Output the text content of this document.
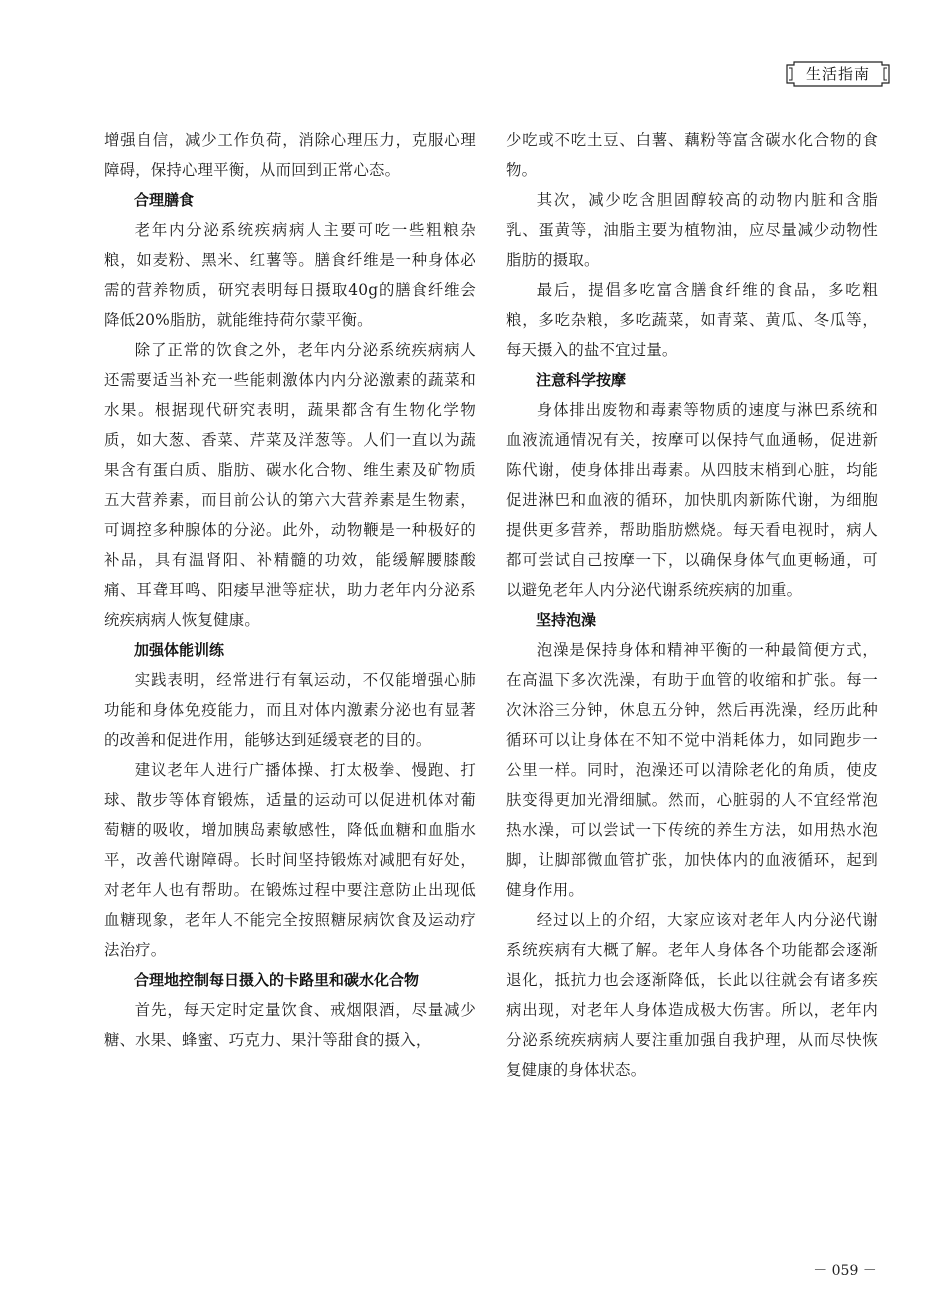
生活指南

增强自信，减少工作负荷，消除心理压力，克服心理障碍，保持心理平衡，从而回到正常心态。

合理膳食

老年内分泌系统疾病病人主要可吃一些粗粮杂粮，如麦粉、黑米、红薯等。膳食纤维是一种身体必需的营养物质，研究表明每日摄取40g的膳食纤维会降低20%脂肪，就能维持荷尔蒙平衡。

除了正常的饮食之外，老年内分泌系统疾病病人还需要适当补充一些能刺激体内内分泌激素的蔬菜和水果。根据现代研究表明，蔬果都含有生物化学物质，如大葱、香菜、芹菜及洋葱等。人们一直以为蔬果含有蛋白质、脂肪、碳水化合物、维生素及矿物质五大营养素，而目前公认的第六大营养素是生物素，可调控多种腺体的分泌。此外，动物鞭是一种极好的补品，具有温肾阳、补精髓的功效，能缓解腰膝酸痛、耳聋耳鸣、阳痿早泄等症状，助力老年内分泌系统疾病病人恢复健康。

加强体能训练

实践表明，经常进行有氧运动，不仅能增强心肺功能和身体免疫能力，而且对体内激素分泌也有显著的改善和促进作用，能够达到延缓衰老的目的。

建议老年人进行广播体操、打太极拳、慢跑、打球、散步等体育锻炼，适量的运动可以促进机体对葡萄糖的吸收，增加胰岛素敏感性，降低血糖和血脂水平，改善代谢障碍。长时间坚持锻炼对减肥有好处，对老年人也有帮助。在锻炼过程中要注意防止出现低血糖现象，老年人不能完全按照糖尿病饮食及运动疗法治疗。

合理地控制每日摄入的卡路里和碳水化合物

首先，每天定时定量饮食、戒烟限酒，尽量减少糖、水果、蜂蜜、巧克力、果汁等甜食的摄入，

少吃或不吃土豆、白薯、藕粉等富含碳水化合物的食物。

其次，减少吃含胆固醇较高的动物内脏和含脂乳、蛋黄等，油脂主要为植物油，应尽量减少动物性脂肪的摄取。

最后，提倡多吃富含膳食纤维的食品，多吃粗粮，多吃杂粮，多吃蔬菜，如青菜、黄瓜、冬瓜等，每天摄入的盐不宜过量。

注意科学按摩

身体排出废物和毒素等物质的速度与淋巴系统和血液流通情况有关，按摩可以保持气血通畅，促进新陈代谢，使身体排出毒素。从四肢末梢到心脏，均能促进淋巴和血液的循环，加快肌肉新陈代谢，为细胞提供更多营养，帮助脂肪燃烧。每天看电视时，病人都可尝试自己按摩一下，以确保身体气血更畅通，可以避免老年人内分泌代谢系统疾病的加重。

坚持泡澡

泡澡是保持身体和精神平衡的一种最简便方式，在高温下多次洗澡，有助于血管的收缩和扩张。每一次沐浴三分钟，休息五分钟，然后再洗澡，经历此种循环可以让身体在不知不觉中消耗体力，如同跑步一公里一样。同时，泡澡还可以清除老化的角质，使皮肤变得更加光滑细腻。然而，心脏弱的人不宜经常泡热水澡，可以尝试一下传统的养生方法，如用热水泡脚，让脚部微血管扩张，加快体内的血液循环，起到健身作用。

经过以上的介绍，大家应该对老年人内分泌代谢系统疾病有大概了解。老年人身体各个功能都会逐渐退化，抵抗力也会逐渐降低，长此以往就会有诸多疾病出现，对老年人身体造成极大伤害。所以，老年内分泌系统疾病病人要注重加强自我护理，从而尽快恢复健康的身体状态。

－ 059 －
